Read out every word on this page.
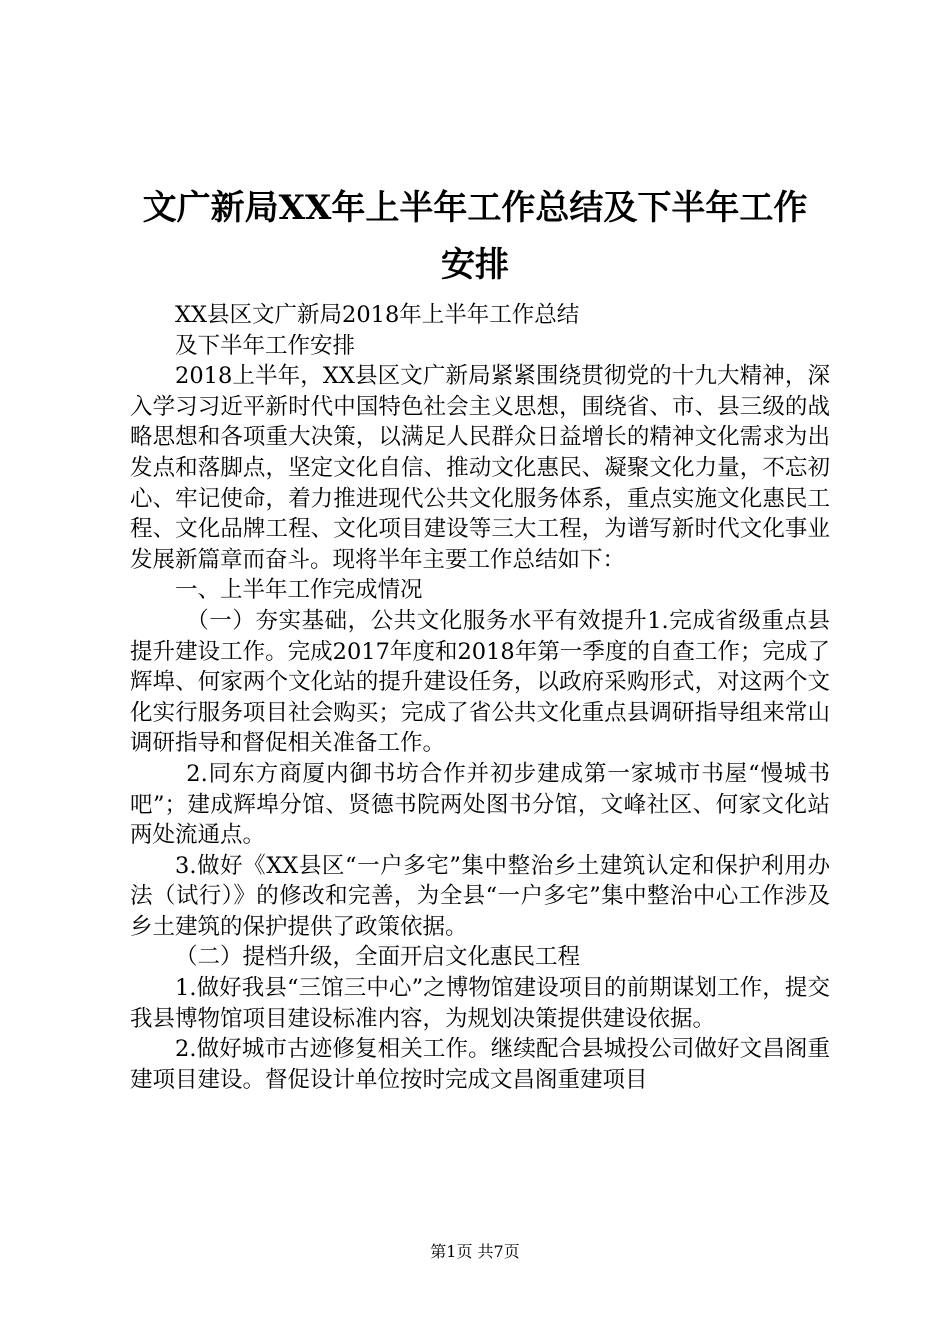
文广新局XX年上半年工作总结及下半年工作
安排

XX县区文广新局2018年上半年工作总结

及下半年工作安排

2018上半年，XX县区文广新局紧紧围绕贯彻党的十九大精神，深入学习习近平新时代中国特色社会主义思想，围绕省、市、县三级的战略思想和各项重大决策，以满足人民群众日益增长的精神文化需求为出发点和落脚点，坚定文化自信、推动文化惠民、凝聚文化力量，不忘初心、牢记使命，着力推进现代公共文化服务体系，重点实施文化惠民工程、文化品牌工程、文化项目建设等三大工程，为谱写新时代文化事业发展新篇章而奋斗。现将半年主要工作总结如下：

一、上半年工作完成情况

（一）夯实基础，公共文化服务水平有效提升1.完成省级重点县提升建设工作。完成2017年度和2018年第一季度的自查工作；完成了辉埠、何家两个文化站的提升建设任务，以政府采购形式，对这两个文化实行服务项目社会购买；完成了省公共文化重点县调研指导组来常山调研指导和督促相关准备工作。

2.同东方商厦内御书坊合作并初步建成第一家城市书屋“慢城书吧”；建成辉埠分馆、贤德书院两处图书分馆，文峰社区、何家文化站两处流通点。

3.做好《XX县区“一户多宅”集中整治乡土建筑认定和保护利用办法（试行）》的修改和完善，为全县“一户多宅”集中整治中心工作涉及乡土建筑的保护提供了政策依据。

（二）提档升级，全面开启文化惠民工程

1.做好我县“三馆三中心”之博物馆建设项目的前期谋划工作，提交我县博物馆项目建设标准内容，为规划决策提供建设依据。

2.做好城市古迹修复相关工作。继续配合县城投公司做好文昌阁重建项目建设。督促设计单位按时完成文昌阁重建项目

第1页 共7页
